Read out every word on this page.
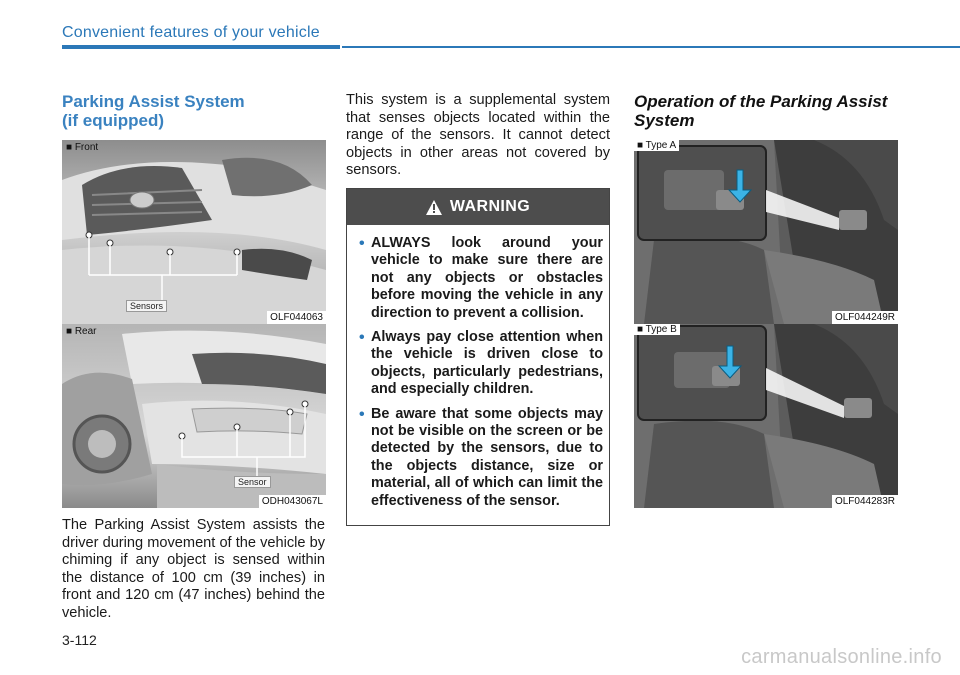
Convenient features of your vehicle
Parking Assist System
(if equipped)
■ Front
Sensors
OLF044063
■ Rear
Sensor
ODH043067L
The Parking Assist System assists the driver during movement of the vehicle by chiming if any object is sensed within the distance of 100 cm (39 inches) in front and 120 cm (47 inches) behind the vehicle.
This system is a supplemental system that senses objects located within the range of the sensors. It cannot detect objects in other areas not covered by sensors.
WARNING
• ALWAYS look around your vehicle to make sure there are not any objects or obstacles before moving the vehicle in any direction to prevent a collision.
• Always pay close attention when the vehicle is driven close to objects, particularly pedestrians, and especially children.
• Be aware that some objects may not be visible on the screen or be detected by the sensors, due to the objects distance, size or material, all of which can limit the effectiveness of the sensor.
Operation of the Parking Assist
System
■ Type A
OLF044249R
■ Type B
OLF044283R
3-112
carmanualsonline.info
